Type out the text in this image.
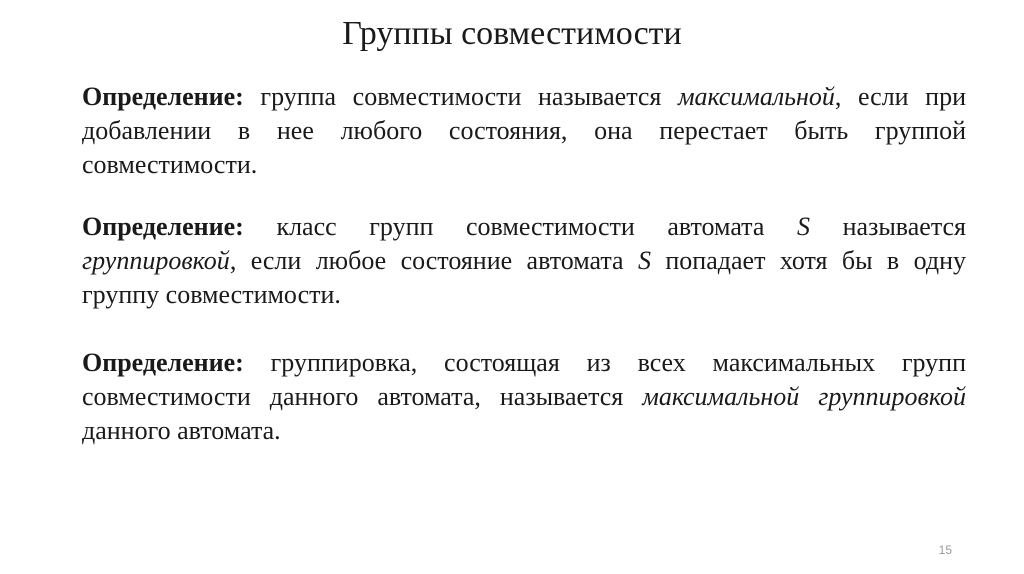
Группы совместимости

Определение: группа совместимости называется максимальной, если при добавлении в нее любого состояния, она перестает быть группой совместимости.

Определение: класс групп совместимости автомата S называется группировкой, если любое состояние автомата S попадает хотя бы в одну группу совместимости.

Определение: группировка, состоящая из всех максимальных групп совместимости данного автомата, называется максимальной группировкой данного автомата.

15
